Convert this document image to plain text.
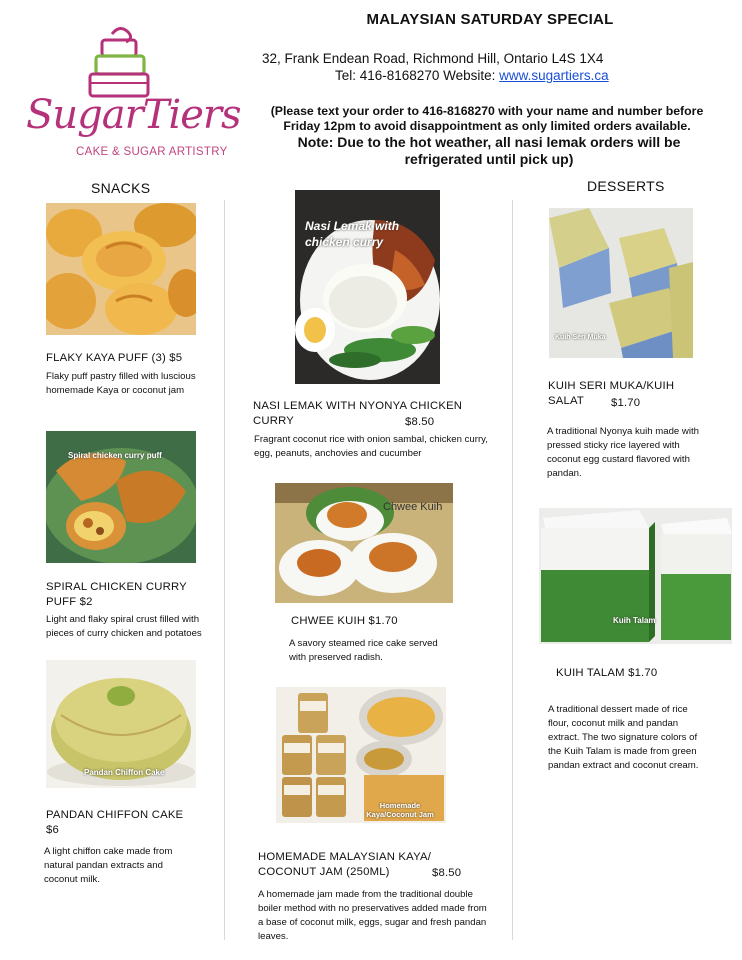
SugarTiers
CAKE & SUGAR ARTISTRY
MALAYSIAN SATURDAY SPECIAL
32, Frank Endean Road, Richmond Hill, Ontario L4S 1X4
Tel: 416-8168270 Website: www.sugartiers.ca
(Please text your order to 416-8168270 with your name and number before Friday 12pm to avoid disappointment as only limited orders available.
Note: Due to the hot weather, all nasi lemak orders will be refrigerated until pick up)
SNACKS	DESSERTS
FLAKY KAYA PUFF (3) $5
Flaky puff pastry filled with luscious homemade Kaya or coconut jam
Spiral chicken curry puff
SPIRAL CHICKEN CURRY PUFF $2
Light and flaky spiral crust filled with pieces of curry chicken and potatoes
Pandan Chiffon Cake
PANDAN CHIFFON CAKE $6
A light chiffon cake made from natural pandan extracts and coconut milk.
Nasi Lemak with chicken curry
NASI LEMAK WITH NYONYA CHICKEN CURRY	$8.50
Fragrant coconut rice with onion sambal, chicken curry, egg, peanuts, anchovies and cucumber
Chwee Kuih
CHWEE KUIH $1.70
A savory steamed rice cake served with preserved radish.
Homemade Kaya/Coconut Jam
HOMEMADE MALAYSIAN KAYA/ COCONUT JAM (250ML)	$8.50
A homemade jam made from the traditional double boiler method with no preservatives added made from a base of coconut milk, eggs, sugar and fresh pandan leaves.
Kuih Seri Muka
KUIH SERI MUKA/KUIH SALAT	$1.70
A traditional Nyonya kuih made with pressed sticky rice layered with coconut egg custard flavored with pandan.
Kuih Talam
KUIH TALAM $1.70
A traditional dessert made of rice flour, coconut milk and pandan extract. The two signature colors of the Kuih Talam is made from green pandan extract and coconut cream.
